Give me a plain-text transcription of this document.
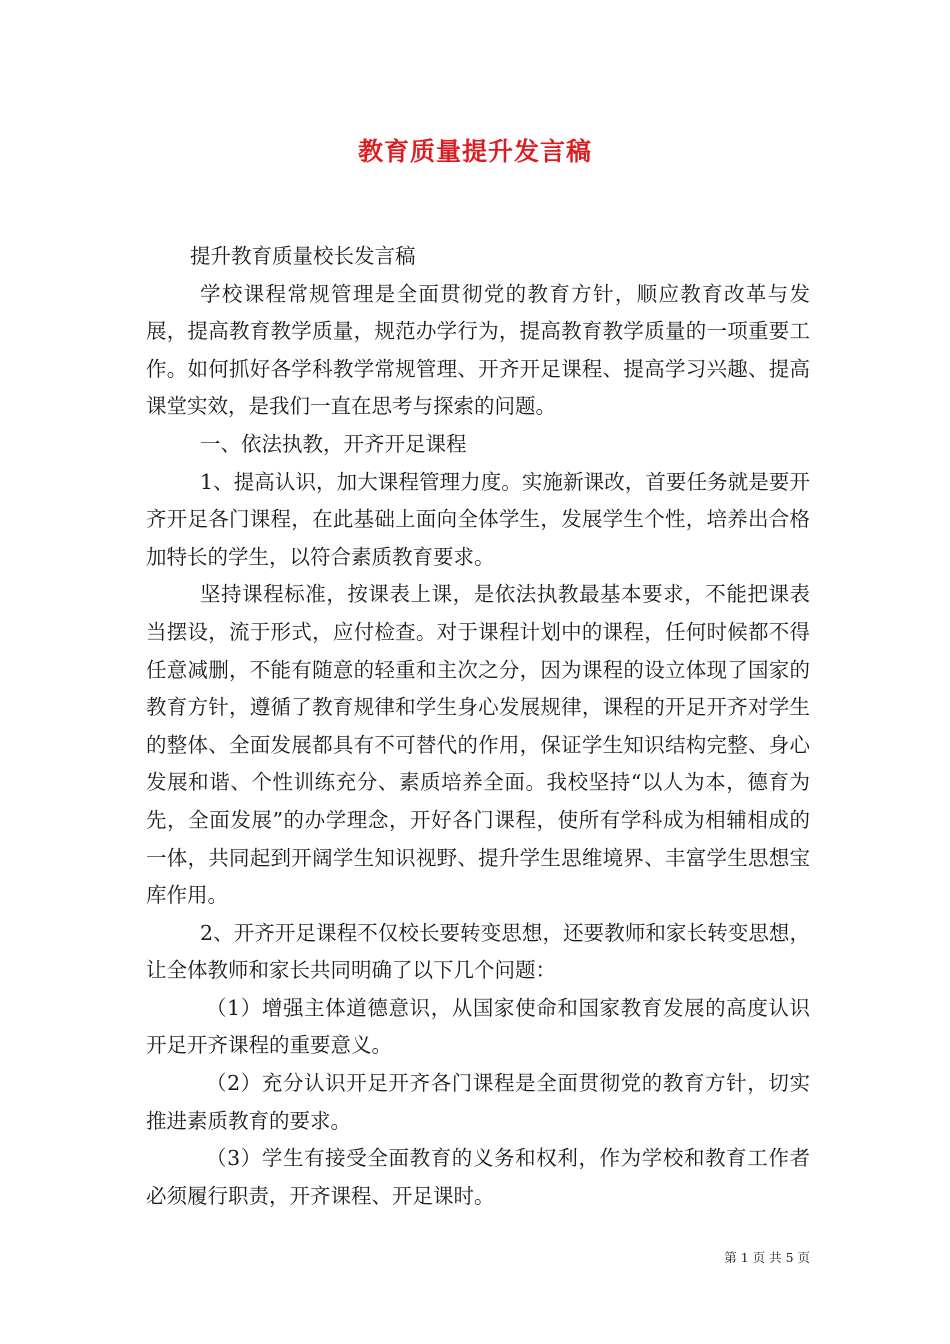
教育质量提升发言稿

提升教育质量校长发言稿

学校课程常规管理是全面贯彻党的教育方针，顺应教育改革与发展，提高教育教学质量，规范办学行为，提高教育教学质量的一项重要工作。如何抓好各学科教学常规管理、开齐开足课程、提高学习兴趣、提高课堂实效，是我们一直在思考与探索的问题。

一、依法执教，开齐开足课程

1、提高认识，加大课程管理力度。实施新课改，首要任务就是要开齐开足各门课程，在此基础上面向全体学生，发展学生个性，培养出合格加特长的学生，以符合素质教育要求。

坚持课程标准，按课表上课，是依法执教最基本要求，不能把课表当摆设，流于形式，应付检查。对于课程计划中的课程，任何时候都不得任意减删，不能有随意的轻重和主次之分，因为课程的设立体现了国家的教育方针，遵循了教育规律和学生身心发展规律，课程的开足开齐对学生的整体、全面发展都具有不可替代的作用，保证学生知识结构完整、身心发展和谐、个性训练充分、素质培养全面。我校坚持“以人为本，德育为先，全面发展”的办学理念，开好各门课程，使所有学科成为相辅相成的一体，共同起到开阔学生知识视野、提升学生思维境界、丰富学生思想宝库作用。

2、开齐开足课程不仅校长要转变思想，还要教师和家长转变思想，让全体教师和家长共同明确了以下几个问题：

（1）增强主体道德意识，从国家使命和国家教育发展的高度认识开足开齐课程的重要意义。

（2）充分认识开足开齐各门课程是全面贯彻党的教育方针，切实推进素质教育的要求。

（3）学生有接受全面教育的义务和权利，作为学校和教育工作者必须履行职责，开齐课程、开足课时。

第 1 页 共 5 页
